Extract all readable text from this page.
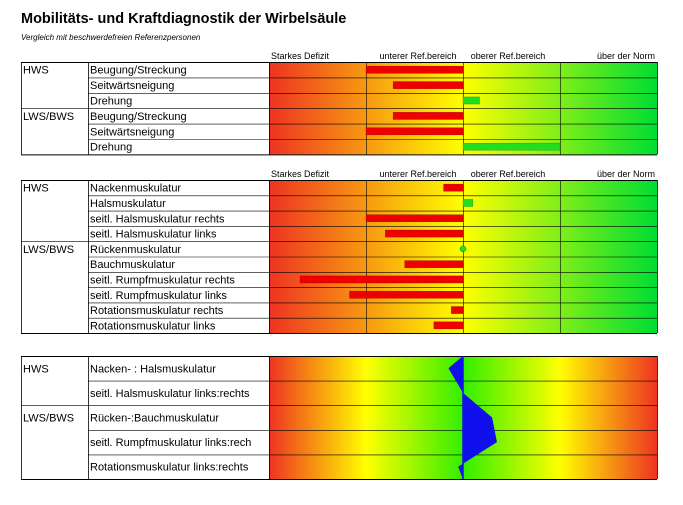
Mobilitäts- und Kraftdiagnostik der Wirbelsäule
Vergleich mit beschwerdefreien Referenzpersonen
Starkes Defizit	unterer Ref.bereich oberer Ref.bereich	über der Norm
HWS	Beugung/Streckung
Seitwärtsneigung
Drehung
LWS/BWS Beugung/Streckung
Seitwärtsneigung
Drehung
Starkes Defizit	unterer Ref.bereich oberer Ref.bereich	über der Norm
HWS	Nackenmuskulatur
Halsmuskulatur
seitl. Halsmuskulatur rechts
seitl. Halsmuskulatur links
LWS/BWS Rückenmuskulatur
Bauchmuskulatur
seitl. Rumpfmuskulatur rechts
seitl. Rumpfmuskulatur links
Rotationsmuskulatur rechts
Rotationsmuskulatur links
HWS	Nacken- : Halsmuskulatur
seitl. Halsmuskulatur links:rechts
LWS/BWS Rücken-:Bauchmuskulatur
seitl. Rumpfmuskulatur links:rech
Rotationsmuskulatur links:rechts
